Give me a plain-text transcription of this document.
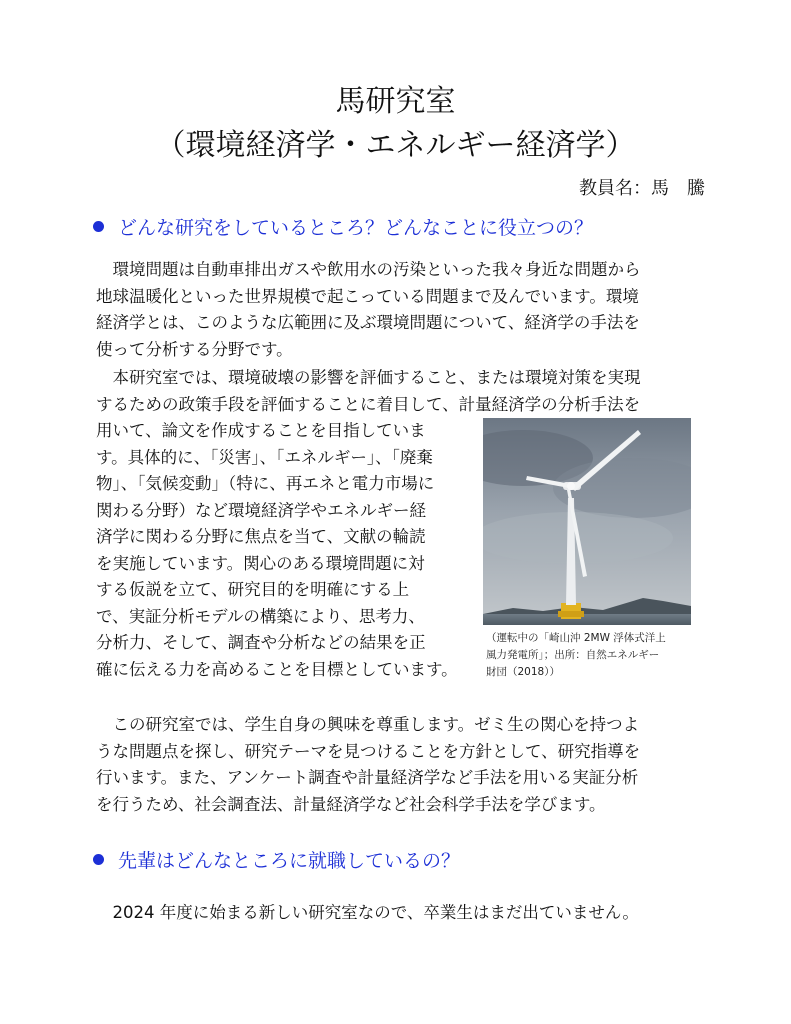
馬研究室
（環境経済学・エネルギー経済学）
教員名：馬　騰
どんな研究をしているところ？どんなことに役立つの？
　環境問題は自動車排出ガスや飲用水の汚染といった我々身近な問題から
地球温暖化といった世界規模で起こっている問題まで及んでいます。環境
経済学とは、このような広範囲に及ぶ環境問題について、経済学の手法を
使って分析する分野です。
　本研究室では、環境破壊の影響を評価すること、または環境対策を実現
するための政策手段を評価することに着目して、計量経済学の分析手法を
用いて、論文を作成することを目指していま
す。具体的に、「災害」、「エネルギー」、「廃棄
物」、「気候変動」（特に、再エネと電力市場に
関わる分野）など環境経済学やエネルギー経
済学に関わる分野に焦点を当て、文献の輪読
を実施しています。関心のある環境問題に対
する仮説を立て、研究目的を明確にする上
で、実証分析モデルの構築により、思考力、
分析力、そして、調査や分析などの結果を正
確に伝える力を高めることを目標としています。
（運転中の「崎山沖 2MW 浮体式洋上
風力発電所」；出所：自然エネルギー
財団（2018））
　この研究室では、学生自身の興味を尊重します。ゼミ生の関心を持つよ
うな問題点を探し、研究テーマを見つけることを方針として、研究指導を
行います。また、アンケート調査や計量経済学など手法を用いる実証分析
を行うため、社会調査法、計量経済学など社会科学手法を学びます。
先輩はどんなところに就職しているの？
　2024 年度に始まる新しい研究室なので、卒業生はまだ出ていません。
